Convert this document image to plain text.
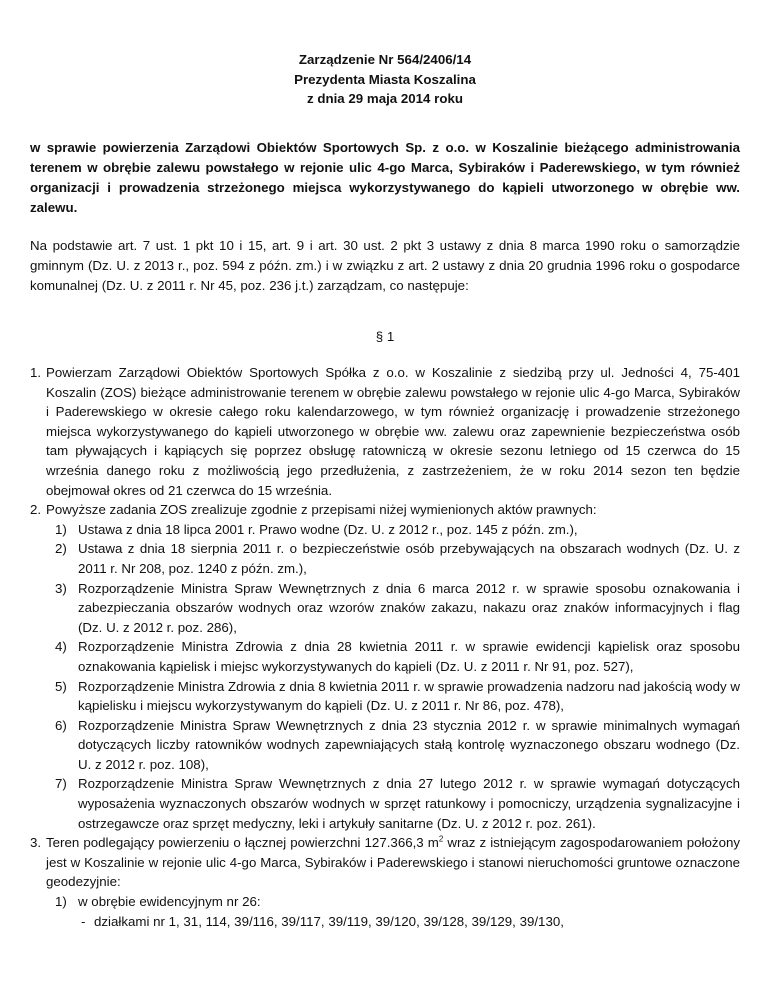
Zarządzenie Nr 564/2406/14
Prezydenta Miasta Koszalina
z dnia 29 maja 2014 roku
w sprawie powierzenia Zarządowi Obiektów Sportowych Sp. z o.o. w Koszalinie bieżącego administrowania terenem w obrębie zalewu powstałego w rejonie ulic 4-go Marca, Sybiraków i Paderewskiego, w tym również organizacji i prowadzenia strzeżonego miejsca wykorzystywanego do kąpieli utworzonego w obrębie ww. zalewu.
Na podstawie art. 7 ust. 1 pkt 10 i 15, art. 9 i art. 30 ust. 2 pkt 3 ustawy z dnia 8 marca 1990 roku o samorządzie gminnym (Dz. U. z 2013 r., poz. 594 z późn. zm.) i w związku z art. 2 ustawy z dnia 20 grudnia 1996 roku o gospodarce komunalnej (Dz. U. z 2011 r. Nr 45, poz. 236 j.t.) zarządzam, co następuje:
§ 1
1. Powierzam Zarządowi Obiektów Sportowych Spółka z o.o. w Koszalinie z siedzibą przy ul. Jedności 4, 75-401 Koszalin (ZOS) bieżące administrowanie terenem w obrębie zalewu powstałego w rejonie ulic 4-go Marca, Sybiraków i Paderewskiego w okresie całego roku kalendarzowego, w tym również organizację i prowadzenie strzeżonego miejsca wykorzystywanego do kąpieli utworzonego w obrębie ww. zalewu oraz zapewnienie bezpieczeństwa osób tam pływających i kąpiących się poprzez obsługę ratowniczą w okresie sezonu letniego od 15 czerwca do 15 września danego roku z możliwością jego przedłużenia, z zastrzeżeniem, że w roku 2014 sezon ten będzie obejmował okres od 21 czerwca do 15 września.
2. Powyższe zadania ZOS zrealizuje zgodnie z przepisami niżej wymienionych aktów prawnych:
1) Ustawa z dnia 18 lipca 2001 r. Prawo wodne (Dz. U. z 2012 r., poz. 145 z późn. zm.),
2) Ustawa z dnia 18 sierpnia 2011 r. o bezpieczeństwie osób przebywających na obszarach wodnych (Dz. U. z 2011 r. Nr 208, poz. 1240 z późn. zm.),
3) Rozporządzenie Ministra Spraw Wewnętrznych z dnia 6 marca 2012 r. w sprawie sposobu oznakowania i zabezpieczania obszarów wodnych oraz wzorów znaków zakazu, nakazu oraz znaków informacyjnych i flag (Dz. U. z 2012 r. poz. 286),
4) Rozporządzenie Ministra Zdrowia z dnia 28 kwietnia 2011 r. w sprawie ewidencji kąpielisk oraz sposobu oznakowania kąpielisk i miejsc wykorzystywanych do kąpieli (Dz. U. z 2011 r. Nr 91, poz. 527),
5) Rozporządzenie Ministra Zdrowia z dnia 8 kwietnia 2011 r. w sprawie prowadzenia nadzoru nad jakością wody w kąpielisku i miejscu wykorzystywanym do kąpieli (Dz. U. z 2011 r. Nr 86, poz. 478),
6) Rozporządzenie Ministra Spraw Wewnętrznych z dnia 23 stycznia 2012 r. w sprawie minimalnych wymagań dotyczących liczby ratowników wodnych zapewniających stałą kontrolę wyznaczonego obszaru wodnego (Dz. U. z 2012 r. poz. 108),
7) Rozporządzenie Ministra Spraw Wewnętrznych z dnia 27 lutego 2012 r. w sprawie wymagań dotyczących wyposażenia wyznaczonych obszarów wodnych w sprzęt ratunkowy i pomocniczy, urządzenia sygnalizacyjne i ostrzegawcze oraz sprzęt medyczny, leki i artykuły sanitarne (Dz. U. z 2012 r. poz. 261).
3. Teren podlegający powierzeniu o łącznej powierzchni 127.366,3 $m^2$ wraz z istniejącym zagospodarowaniem położony jest w Koszalinie w rejonie ulic 4-go Marca, Sybiraków i Paderewskiego i stanowi nieruchomości gruntowe oznaczone geodezyjnie:
1) w obrębie ewidencyjnym nr 26:
- działkami nr 1, 31, 114, 39/116, 39/117, 39/119, 39/120, 39/128, 39/129, 39/130,
